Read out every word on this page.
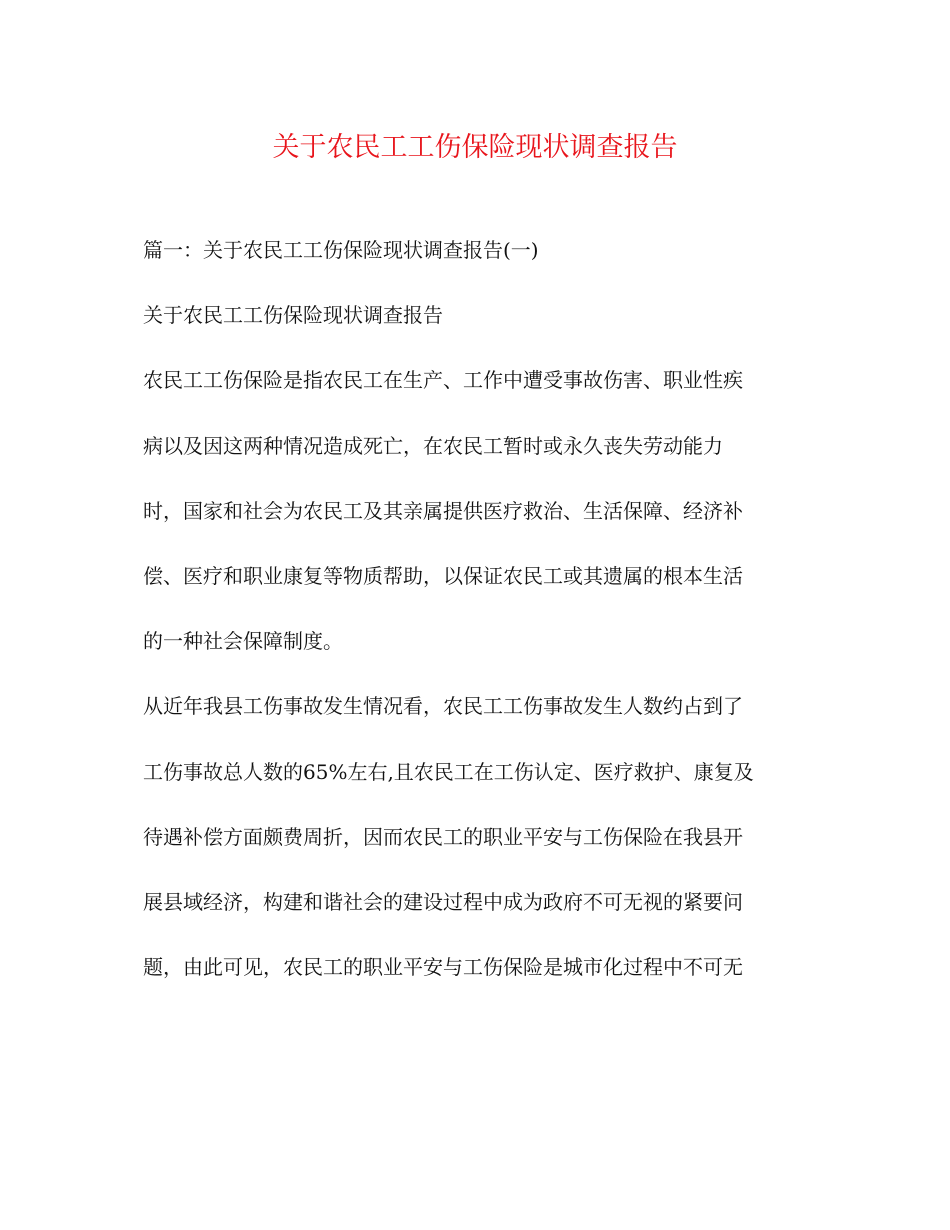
关于农民工工伤保险现状调查报告
篇一：关于农民工工伤保险现状调查报告(一)
关于农民工工伤保险现状调查报告
农民工工伤保险是指农民工在生产、工作中遭受事故伤害、职业性疾
病以及因这两种情况造成死亡，在农民工暂时或永久丧失劳动能力
时，国家和社会为农民工及其亲属提供医疗救治、生活保障、经济补
偿、医疗和职业康复等物质帮助，以保证农民工或其遗属的根本生活
的一种社会保障制度。
从近年我县工伤事故发生情况看，农民工工伤事故发生人数约占到了
工伤事故总人数的65%左右,且农民工在工伤认定、医疗救护、康复及
待遇补偿方面颇费周折，因而农民工的职业平安与工伤保险在我县开
展县域经济，构建和谐社会的建设过程中成为政府不可无视的紧要问
题，由此可见，农民工的职业平安与工伤保险是城市化过程中不可无
